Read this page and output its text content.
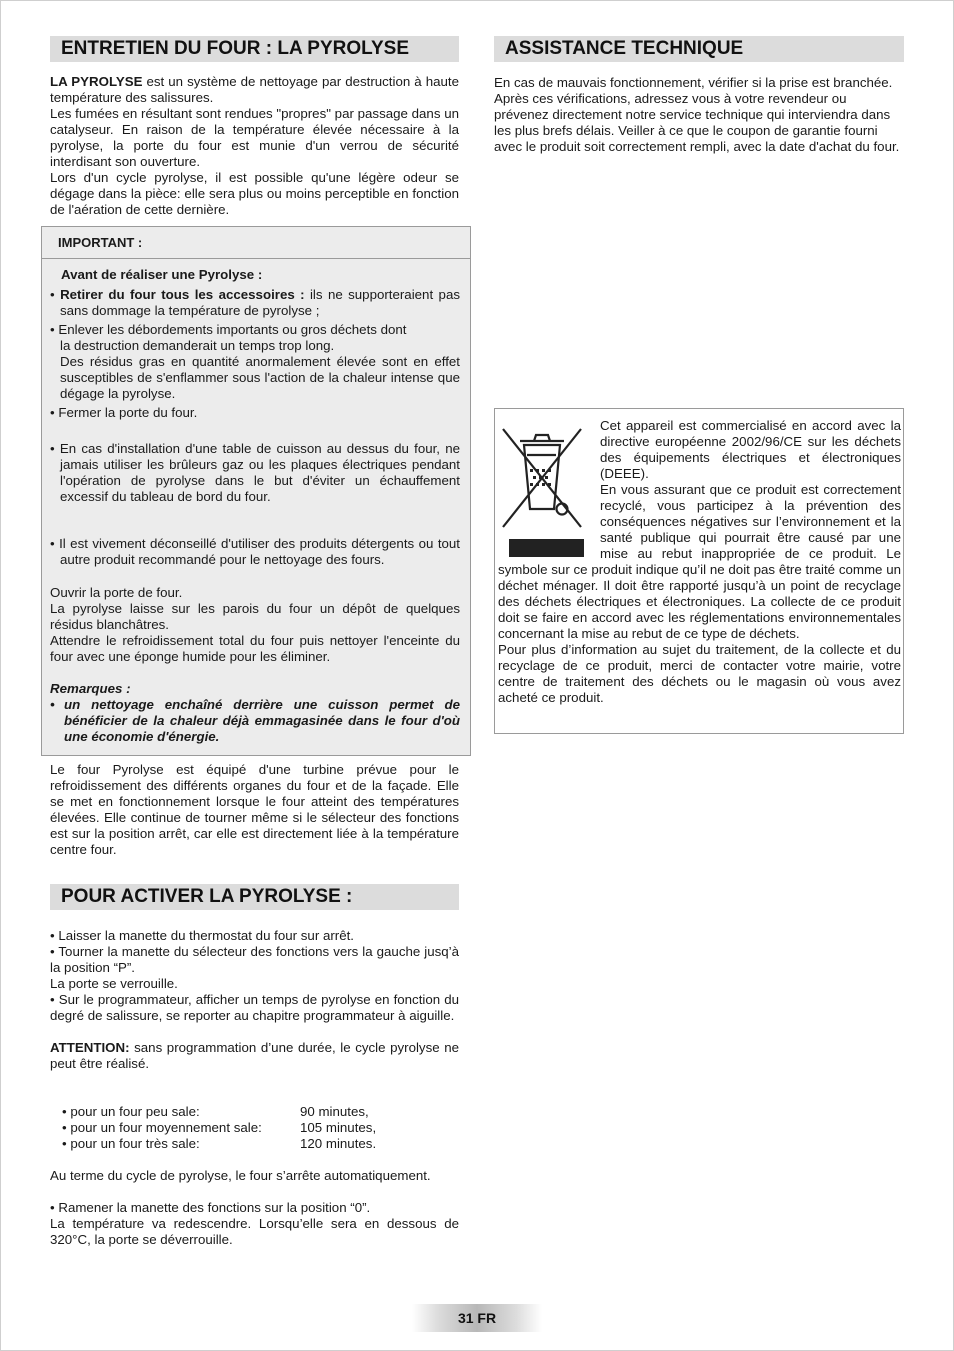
ENTRETIEN DU FOUR : LA PYROLYSE

LA PYROLYSE est un système de nettoyage par destruction à haute température des salissures.

Les fumées en résultant sont rendues "propres" par passage dans un catalyseur. En raison de la température élevée nécessaire à la pyrolyse, la porte du four est munie d'un verrou de sécurité interdisant son ouverture.

Lors d'un cycle pyrolyse, il est possible qu'une légère odeur se dégage dans la pièce: elle sera plus ou moins perceptible en fonction de l'aération de cette dernière.

IMPORTANT :
Avant de réaliser une Pyrolyse :
• Retirer du four tous les accessoires : ils ne supporteraient pas sans dommage la température de pyrolyse ;
• Enlever les débordements importants ou gros déchets dont
la destruction demanderait un temps trop long.
Des résidus gras en quantité anormalement élevée sont en effet susceptibles de s'enflammer sous l'action de la chaleur intense que dégage la pyrolyse.
• Fermer la porte du four.
• En cas d'installation d'une table de cuisson au dessus du four, ne jamais utiliser les brûleurs gaz ou les plaques électriques pendant l'opération de pyrolyse dans le but d'éviter un échauffement excessif du tableau de bord du four.
• Il est vivement déconseillé d'utiliser des produits détergents ou tout autre produit recommandé pour le nettoyage des fours.

Ouvrir la porte de four.

La pyrolyse laisse sur les parois du four un dépôt de quelques résidus blanchâtres.

Attendre le refroidissement total du four puis nettoyer l'enceinte du four avec une éponge humide pour les éliminer.

Remarques :

• un nettoyage enchaîné derrière une cuisson permet de bénéficier de la chaleur déjà emmagasinée dans le four d'où une économie d'énergie.
Le four Pyrolyse est équipé d'une turbine prévue pour le refroidissement des différents organes du four et de la façade. Elle se met en fonctionnement lorsque le four atteint des températures élevées. Elle continue de tourner même si le sélecteur des fonctions est sur la position arrêt, car elle est directement liée à la température centre four.
POUR ACTIVER LA PYROLYSE :

• Laisser la manette du thermostat du four sur arrêt.

• Tourner la manette du sélecteur des fonctions vers la gauche jusq’à la position “P”.

La porte se verrouille.

• Sur le programmateur, afficher un temps de pyrolyse en fonction du degré de salissure, se reporter au chapitre programmateur à aiguille.

ATTENTION: sans programmation d’une durée, le cycle pyrolyse ne peut être réalisé.

• pour un four peu sale:	90 minutes,
• pour un four moyennement sale:	105 minutes,
• pour un four très sale:	120 minutes.

Au terme du cycle de pyrolyse, le four s’arrête automatiquement.

• Ramener la manette des fonctions sur la position “0”.

La température va redescendre. Lorsqu’elle sera en dessous de 320°C, la porte se déverrouille.

ASSISTANCE TECHNIQUE
En cas de mauvais fonctionnement, vérifier si la prise est branchée. Après ces vérifications, adressez vous à votre revendeur ou prévenez directement notre service technique qui interviendra dans les plus brefs délais. Veiller à ce que le coupon de garantie fourni avec le produit soit correctement rempli, avec la date d'achat du four.

Cet appareil est commercialisé en accord avec la directive européenne 2002/96/CE sur les déchets des équipements électriques et électroniques (DEEE).

En vous assurant que ce produit est correctement recyclé, vous participez à la prévention des conséquences négatives sur l’environnement et la santé publique qui pourrait être causé par une mise au rebut inappropriée de ce produit. Le symbole sur ce produit indique qu’il ne doit pas être traité comme un déchet ménager. Il doit être rapporté jusqu’à un point de recyclage des déchets électriques et électroniques. La collecte de ce produit doit se faire en accord avec les réglementations environnementales concernant la mise au rebut de ce type de déchets.

Pour plus d’information au sujet du traitement, de la collecte et du recyclage de ce produit, merci de contacter votre mairie, votre centre de traitement des déchets ou le magasin où vous avez acheté ce produit.

31 FR
